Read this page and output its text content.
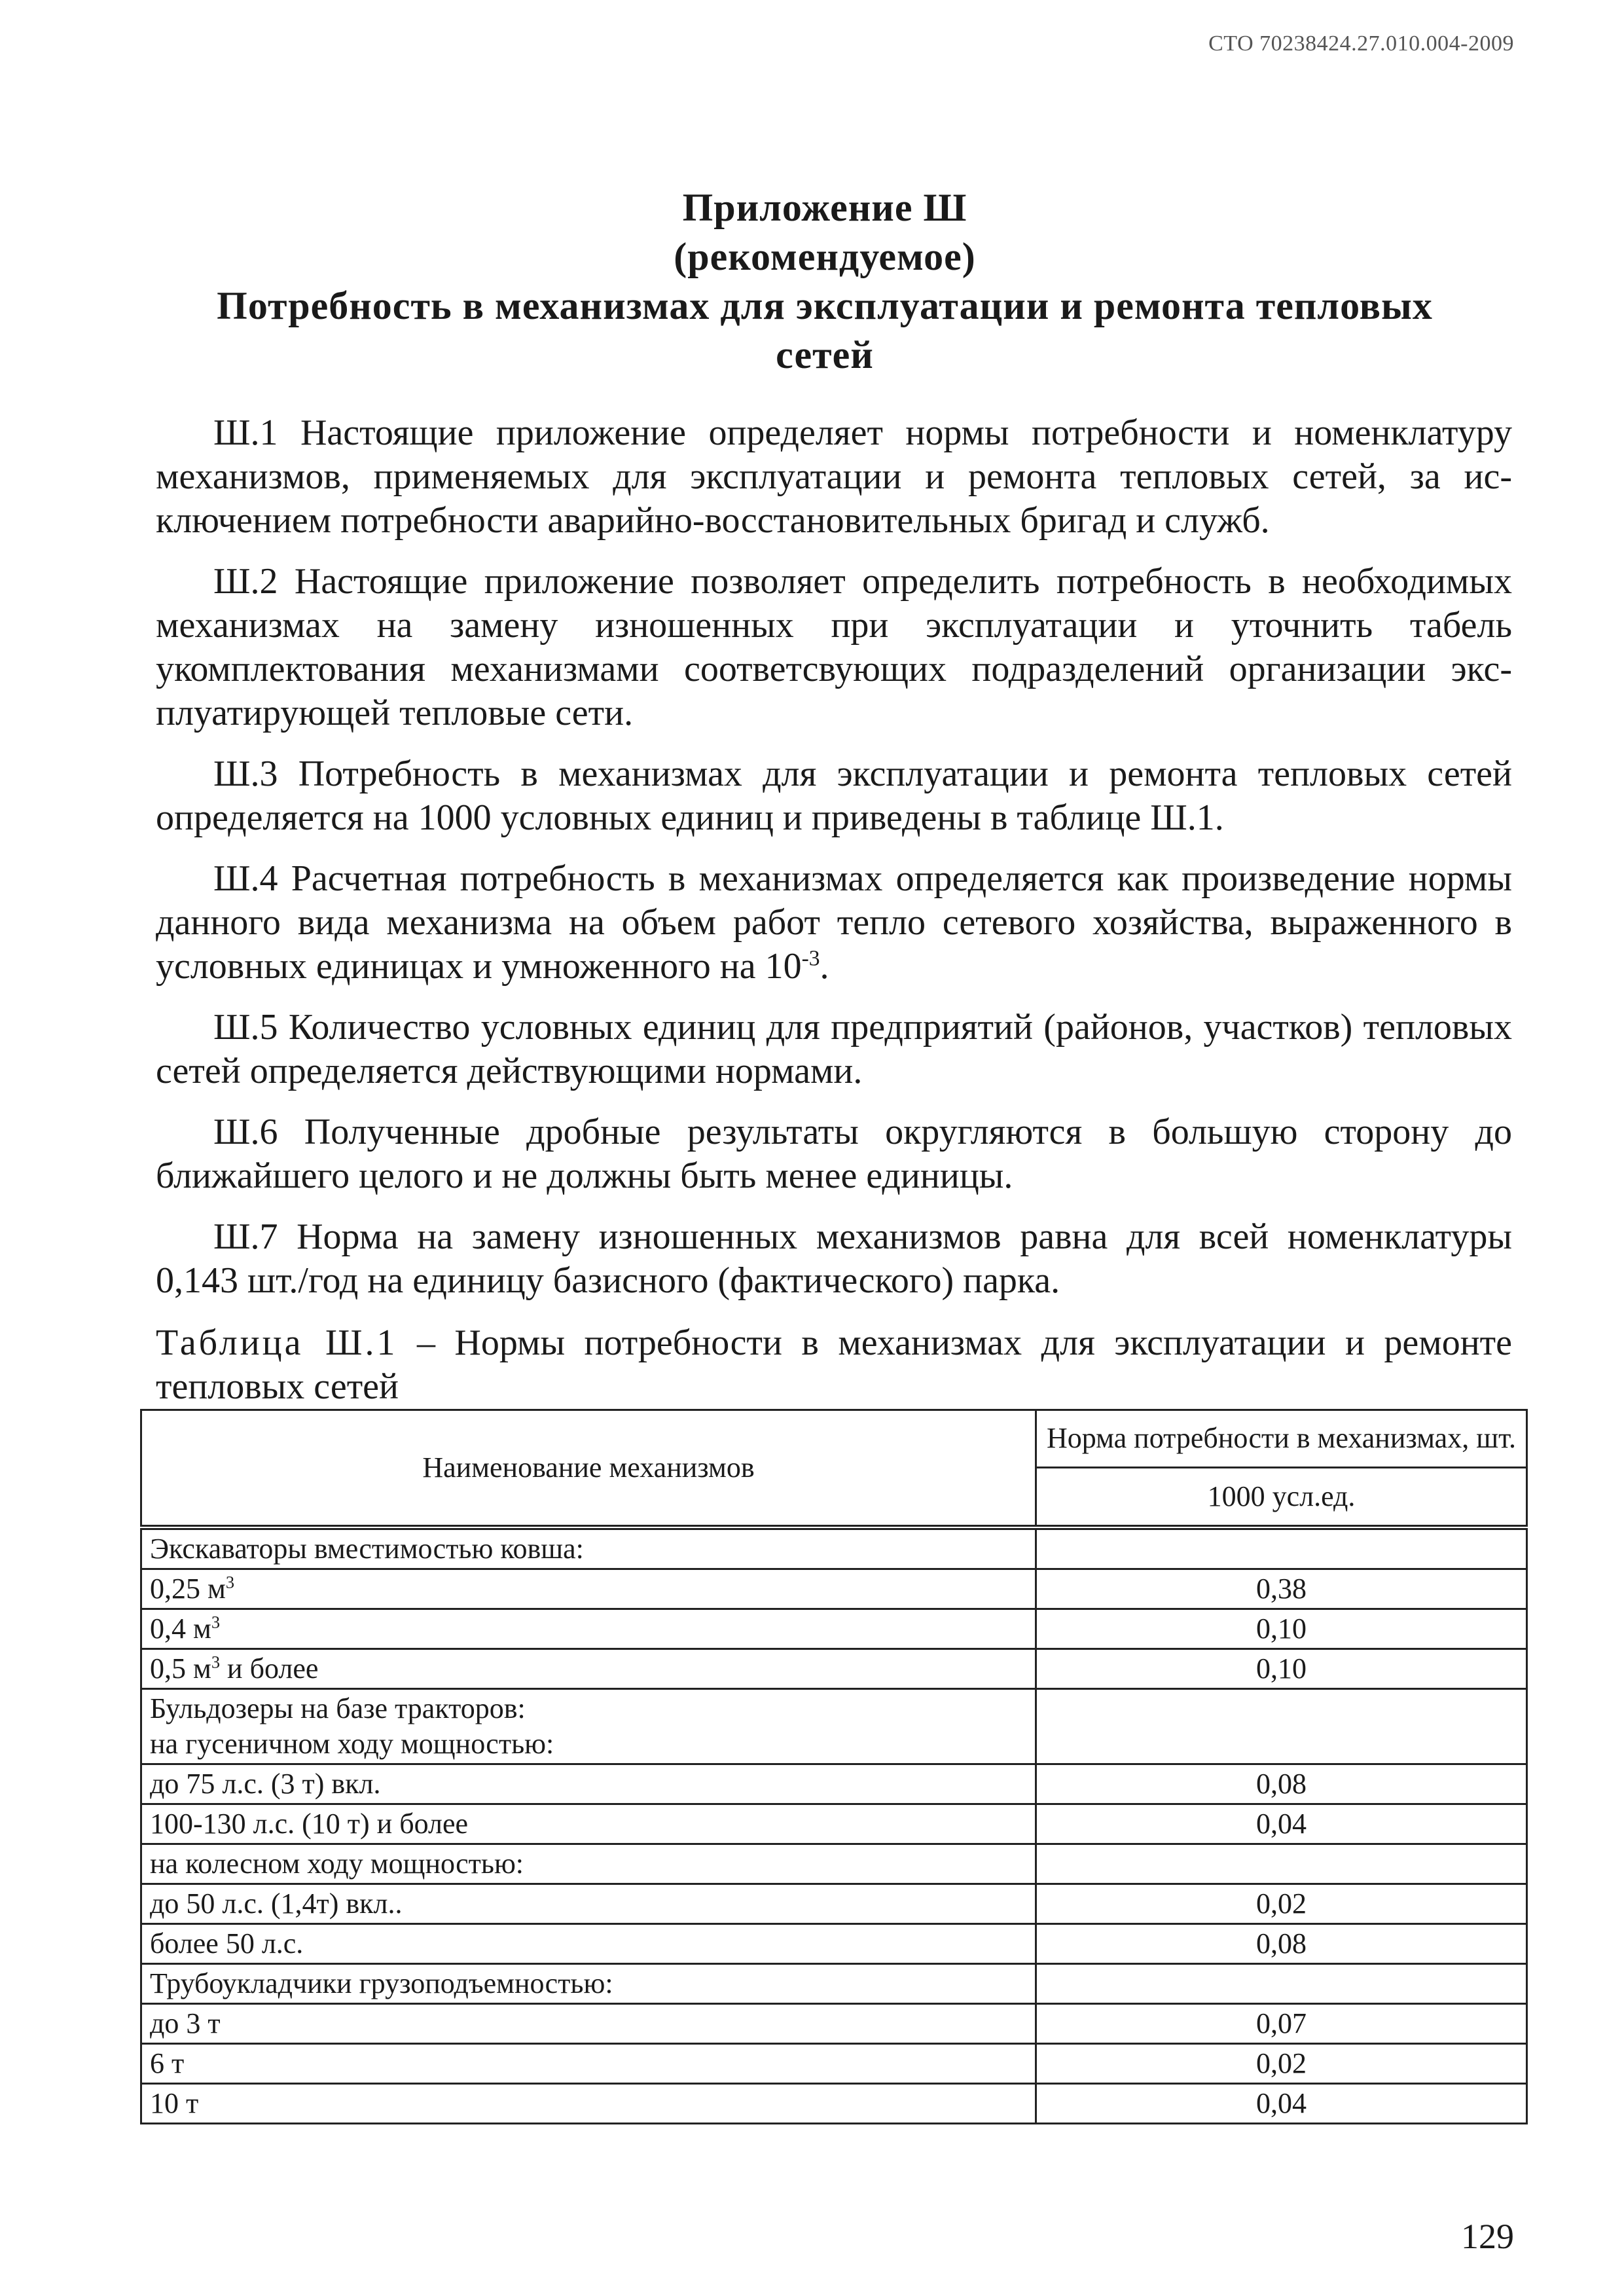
СТО 70238424.27.010.004-2009
Приложение Ш
(рекомендуемое)
Потребность в механизмах для эксплуатации и ремонта тепловых
сетей

Ш.1 Настоящие приложение определяет нормы потребности и номенклатуру механизмов, применяемых для эксплуатации и ремонта тепловых сетей, за исключением потребности аварийно-восстановительных бригад и служб.

Ш.2 Настоящие приложение позволяет определить потребность в необходимых механизмах на замену изношенных при эксплуатации и уточнить табель укомплектования механизмами соответсвующих подразделений организации эксплуатирующей тепловые сети.

Ш.3 Потребность в механизмах для эксплуатации и ремонта тепловых сетей определяется на 1000 условных единиц и приведены в таблице Ш.1.

Ш.4 Расчетная потребность в механизмах определяется как произведение нормы данного вида механизма на объем работ тепло сетевого хозяйства, выраженного в условных единицах и умноженного на $10^{-3}$.

Ш.5 Количество условных единиц для предприятий (районов, участков) тепловых сетей определяется действующими нормами.

Ш.6 Полученные дробные результаты округляются в большую сторону до ближайшего целого и не должны быть менее единицы.

Ш.7 Норма на замену изношенных механизмов равна для всей номенклатуры 0,143 шт./год на единицу базисного (фактического) парка.

Таблица Ш.1 – Нормы потребности в механизмах для эксплуатации и ремонте тепловых сетей
Наименование механизмов	Норма потребности в механизмах, шт.
	1000 усл.ед.
Экскаваторы вместимостью ковша:	
0,25 $м^3$	0,38
0,4 $м^3$	0,10
0,5 $м^3$ и более	0,10

Бульдозеры на базе тракторов:
на гусеничном ходу мощностью:	

до 75 л.с. (3 т) вкл.	0,08
100-130 л.с. (10 т) и более	0,04
на колесном ходу мощностью:	
до 50 л.с. (1,4т) вкл..	0,02
более 50 л.с.	0,08
Трубоукладчики грузоподъемностью:	
до 3 т	0,07
6 т	0,02
10 т	0,04
129
